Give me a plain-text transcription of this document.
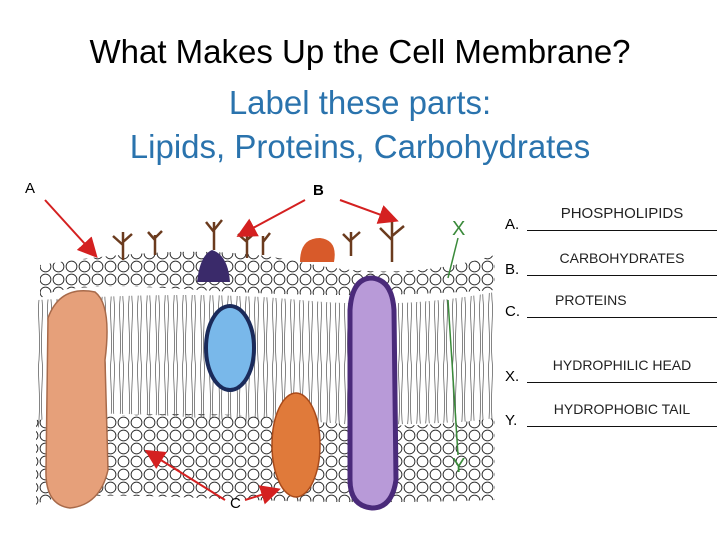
What Makes Up the Cell Membrane?
Label these parts:
Lipids, Proteins, Carbohydrates
A	B
C
X
Y
A.
PHOSPHOLIPIDS
B.
CARBOHYDRATES
C.
PROTEINS
X.
HYDROPHILIC HEAD
Y.
HYDROPHOBIC TAIL
